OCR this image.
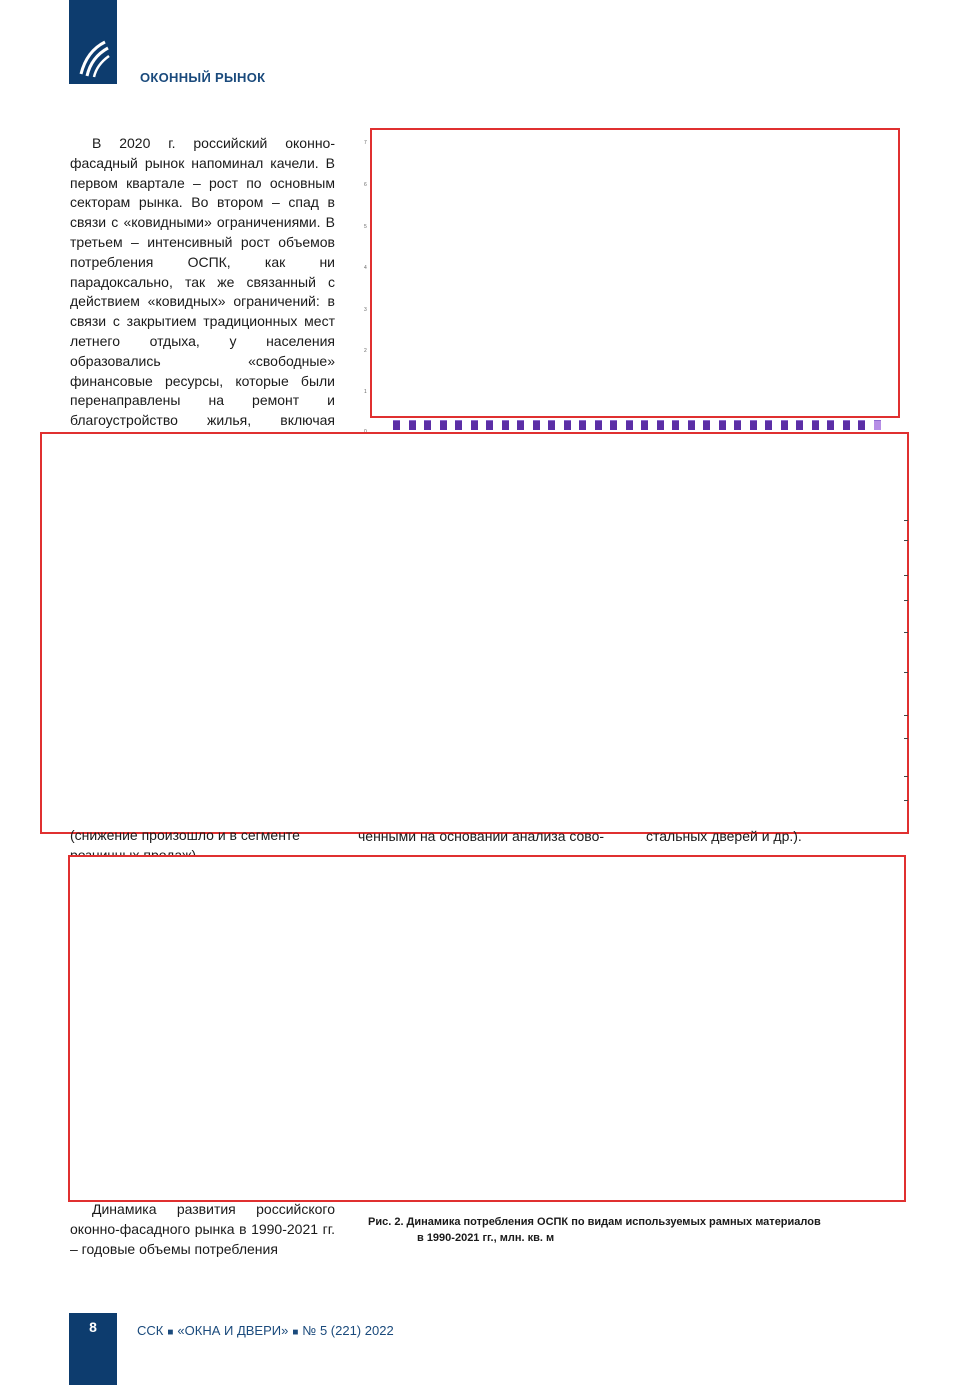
ОКОННЫЙ РЫНОК

В 2020 г. российский оконно-фасадный рынок напоминал качели. В первом квартале – рост по основным секторам рынка. Во втором – спад в связи с «ковидными» ограничениями. В третьем – интенсивный рост объемов потребления ОСПК, как ни парадоксально, так же связанный с действием «ковидных» ограничений: в связи с закрытием традиционных мест летнего отдыха, у населения образовались «свободные» финансовые ресурсы, которые были перенаправлены на ремонт и благоустройство жилья, включая

7
6
5
4
3
2
1
(снижение произошло и в сегменте	ченными на основании анализа сово-	стальных дверей и др.).

Динамика развития российского оконно-фасадного рынка в 1990-2021 гг. – годовые объемы потребления

Рис. 2. Динамика потребления ОСПК по видам используемых рамных материалов
в 1990-2021 гг., млн. кв. м
8	ССК ■ «ОКНА И ДВЕРИ» ■ № 5 (221) 2022
